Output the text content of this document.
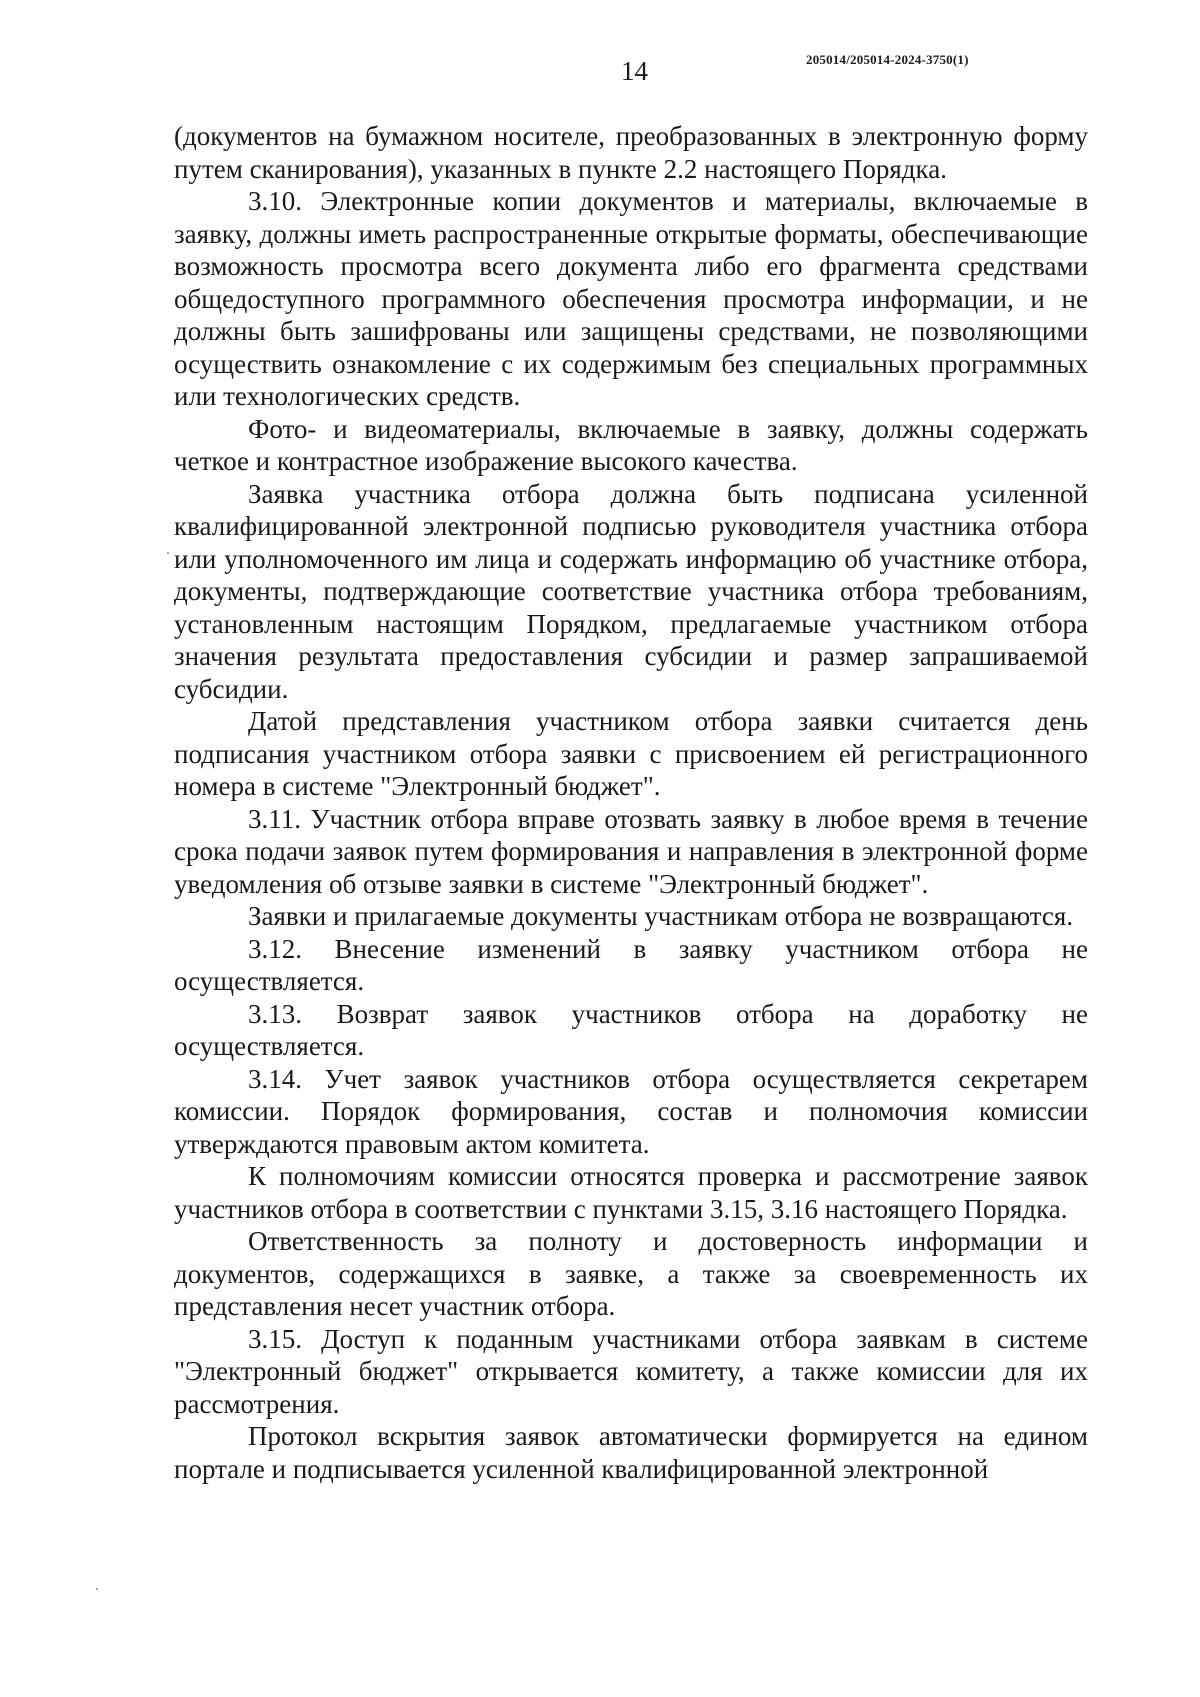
14	205014/205014-2024-3750(1)

(документов на бумажном носителе, преобразованных в электронную форму путем сканирования), указанных в пункте 2.2 настоящего Порядка.

3.10. Электронные копии документов и материалы, включаемые в заявку, должны иметь распространенные открытые форматы, обеспечивающие возможность просмотра всего документа либо его фрагмента средствами общедоступного программного обеспечения просмотра информации, и не должны быть зашифрованы или защищены средствами, не позволяющими осуществить ознакомление с их содержимым без специальных программных или технологических средств.

Фото- и видеоматериалы, включаемые в заявку, должны содержать четкое и контрастное изображение высокого качества.

Заявка участника отбора должна быть подписана усиленной квалифицированной электронной подписью руководителя участника отбора или уполномоченного им лица и содержать информацию об участнике отбора, документы, подтверждающие соответствие участника отбора требованиям, установленным настоящим Порядком, предлагаемые участником отбора значения результата предоставления субсидии и размер запрашиваемой субсидии.

Датой представления участником отбора заявки считается день подписания участником отбора заявки с присвоением ей регистрационного номера в системе "Электронный бюджет".

3.11. Участник отбора вправе отозвать заявку в любое время в течение срока подачи заявок путем формирования и направления в электронной форме уведомления об отзыве заявки в системе "Электронный бюджет".

Заявки и прилагаемые документы участникам отбора не возвращаются.

3.12. Внесение изменений в заявку участником отбора не осуществляется.

3.13. Возврат заявок участников отбора на доработку не осуществляется.

3.14. Учет заявок участников отбора осуществляется секретарем комиссии. Порядок формирования, состав и полномочия комиссии утверждаются правовым актом комитета.

К полномочиям комиссии относятся проверка и рассмотрение заявок участников отбора в соответствии с пунктами 3.15, 3.16 настоящего Порядка.

Ответственность за полноту и достоверность информации и документов, содержащихся в заявке, а также за своевременность их представления несет участник отбора.

3.15. Доступ к поданным участниками отбора заявкам в системе "Электронный бюджет" открывается комитету, а также комиссии для их рассмотрения.

Протокол вскрытия заявок автоматически формируется на едином портале и подписывается усиленной квалифицированной электронной
